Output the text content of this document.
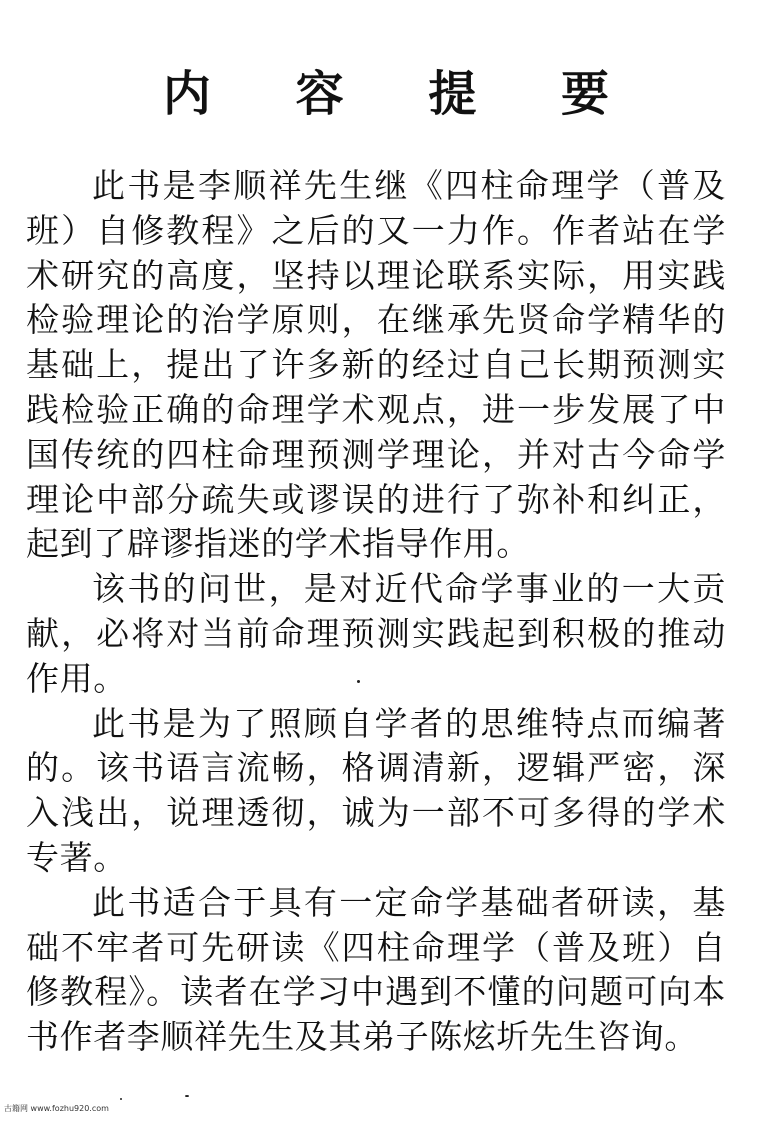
内 容 提 要

此书是李顺祥先生继《四柱命理学（普及班）自修教程》之后的又一力作。作者站在学术研究的高度，坚持以理论联系实际，用实践检验理论的治学原则，在继承先贤命学精华的基础上，提出了许多新的经过自己长期预测实践检验正确的命理学术观点，进一步发展了中国传统的四柱命理预测学理论，并对古今命学理论中部分疏失或谬误的进行了弥补和纠正，起到了辟谬指迷的学术指导作用。

该书的问世，是对近代命学事业的一大贡献，必将对当前命理预测实践起到积极的推动作用。

此书是为了照顾自学者的思维特点而编著的。该书语言流畅，格调清新，逻辑严密，深入浅出，说理透彻，诚为一部不可多得的学术专著。

此书适合于具有一定命学基础者研读，基础不牢者可先研读《四柱命理学（普及班）自修教程》。读者在学习中遇到不懂的问题可向本书作者李顺祥先生及其弟子陈炫圻先生咨询。

古籍网 www.fozhu920.com
